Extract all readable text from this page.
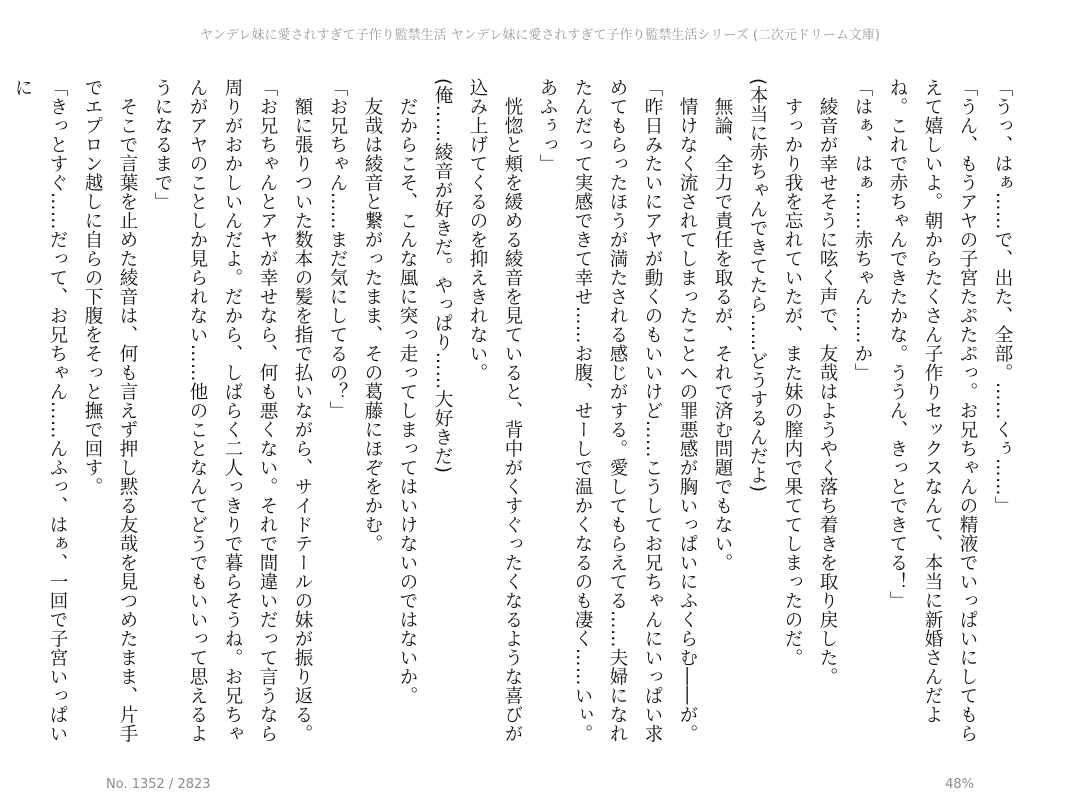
ヤンデレ妹に愛されすぎて子作り監禁生活 ヤンデレ妹に愛されすぎて子作り監禁生活シリーズ (二次元ドリーム文庫)

「うっ、はぁ……で、出た、全部。……くぅ……」

「うん、もうアヤの子宮たぷたぷっ。お兄ちゃんの精液でいっぱいにしてもらえて嬉しいよ。朝からたくさん子作りセックスなんて、本当に新婚さんだよね。これで赤ちゃんできたかな。ううん、きっとできてる！」

「はぁ、はぁ……赤ちゃん……か」

　綾音が幸せそうに呟く声で、友哉はようやく落ち着きを取り戻した。

　すっかり我を忘れていたが、また妹の膣内で果ててしまったのだ。

(本当に赤ちゃんできてたら……どうするんだよ)

　無論、全力で責任を取るが、それで済む問題でもない。

　情けなく流されてしまったことへの罪悪感が胸いっぱいにふくらむ――が。

「昨日みたいにアヤが動くのもいいけど……こうしてお兄ちゃんにいっぱい求めてもらったほうが満たされる感じがする。愛してもらえてる……夫婦になれたんだって実感できて幸せ……お腹、せーしで温かくなるのも凄く……いぃ。あふぅっ」

　恍惚と頬を緩める綾音を見ていると、背中がくすぐったくなるような喜びが込み上げてくるのを抑えきれない。

(俺……綾音が好きだ。やっぱり……大好きだ)

　だからこそ、こんな風に突っ走ってしまってはいけないのではないか。

　友哉は綾音と繋がったまま、その葛藤にほぞをかむ。

「お兄ちゃん……まだ気にしてるの？」

　額に張りついた数本の髪を指で払いながら、サイドテールの妹が振り返る。

「お兄ちゃんとアヤが幸せなら、何も悪くない。それで間違いだって言うなら周りがおかしいんだよ。だから、しばらく二人っきりで暮らそうね。お兄ちゃんがアヤのことしか見られない……他のことなんてどうでもいいって思えるようになるまで」

　そこで言葉を止めた綾音は、何も言えず押し黙る友哉を見つめたまま、片手でエプロン越しに自らの下腹をそっと撫で回す。

「きっとすぐ……だって、お兄ちゃん……んふっ、はぁ、一回で子宮いっぱいに

No. 1352 / 2823	48%
